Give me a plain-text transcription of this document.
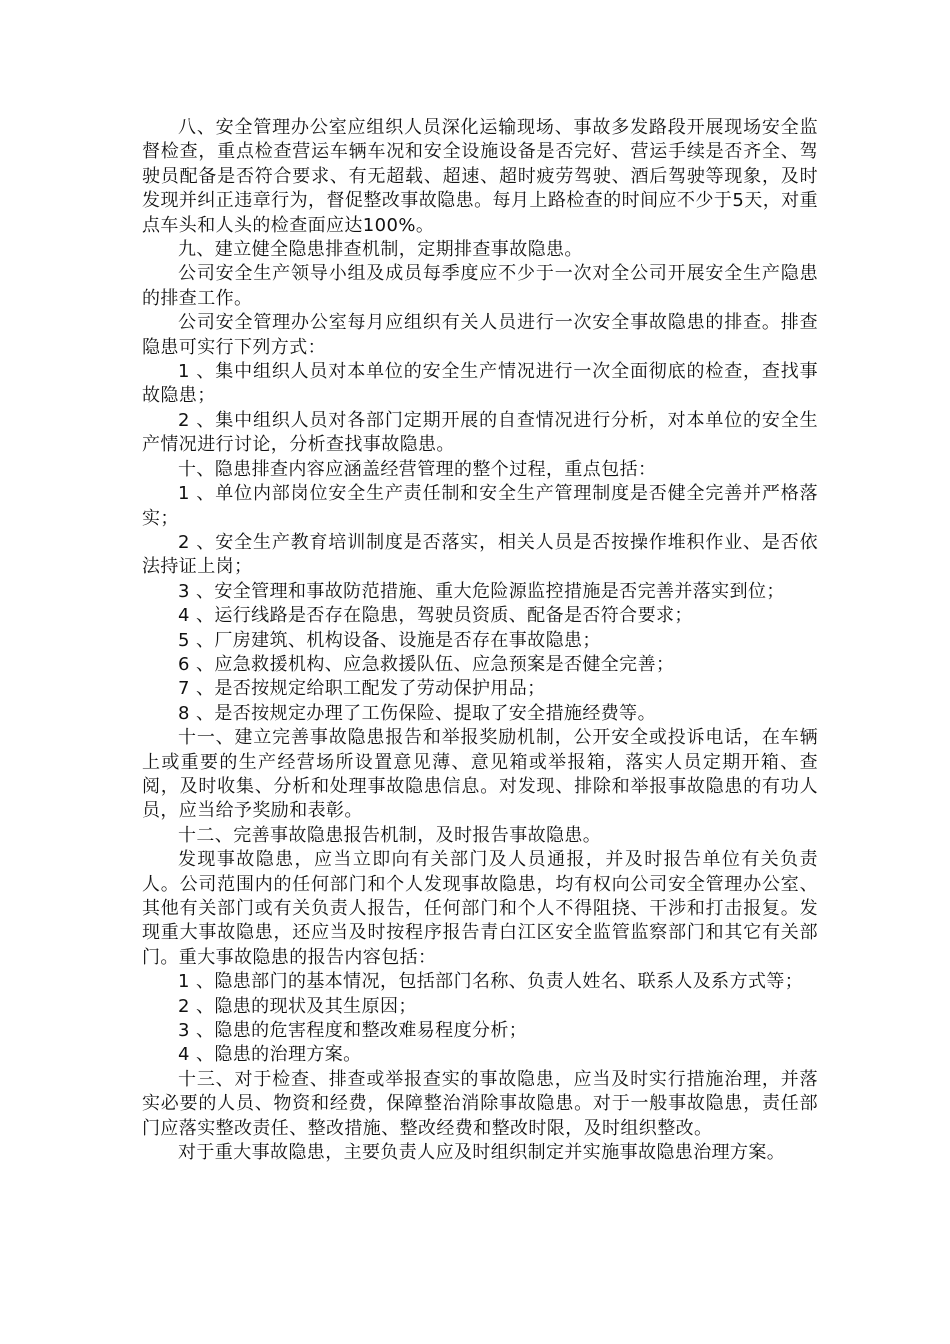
八、安全管理办公室应组织人员深化运输现场、事故多发路段开展现场安全监督检查，重点检查营运车辆车况和安全设施设备是否完好、营运手续是否齐全、驾驶员配备是否符合要求、有无超载、超速、超时疲劳驾驶、酒后驾驶等现象，及时发现并纠正违章行为，督促整改事故隐患。每月上路检查的时间应不少于5天，对重点车头和人头的检查面应达100%。

九、建立健全隐患排查机制，定期排查事故隐患。

公司安全生产领导小组及成员每季度应不少于一次对全公司开展安全生产隐患的排查工作。

公司安全管理办公室每月应组织有关人员进行一次安全事故隐患的排查。排查隐患可实行下列方式：

1 、集中组织人员对本单位的安全生产情况进行一次全面彻底的检查，查找事故隐患；

2 、集中组织人员对各部门定期开展的自查情况进行分析，对本单位的安全生产情况进行讨论，分析查找事故隐患。

十、隐患排查内容应涵盖经营管理的整个过程，重点包括：

1 、单位内部岗位安全生产责任制和安全生产管理制度是否健全完善并严格落实；

2 、安全生产教育培训制度是否落实，相关人员是否按操作堆积作业、是否依法持证上岗；

3 、安全管理和事故防范措施、重大危险源监控措施是否完善并落实到位；

4 、运行线路是否存在隐患，驾驶员资质、配备是否符合要求；

5 、厂房建筑、机构设备、设施是否存在事故隐患；

6 、应急救援机构、应急救援队伍、应急预案是否健全完善；

7 、是否按规定给职工配发了劳动保护用品；

8 、是否按规定办理了工伤保险、提取了安全措施经费等。

十一、建立完善事故隐患报告和举报奖励机制，公开安全或投诉电话，在车辆上或重要的生产经营场所设置意见薄、意见箱或举报箱，落实人员定期开箱、查阅，及时收集、分析和处理事故隐患信息。对发现、排除和举报事故隐患的有功人员，应当给予奖励和表彰。

十二、完善事故隐患报告机制，及时报告事故隐患。

发现事故隐患，应当立即向有关部门及人员通报，并及时报告单位有关负责人。公司范围内的任何部门和个人发现事故隐患，均有权向公司安全管理办公室、其他有关部门或有关负责人报告，任何部门和个人不得阻挠、干涉和打击报复。发现重大事故隐患，还应当及时按程序报告青白江区安全监管监察部门和其它有关部门。重大事故隐患的报告内容包括：

1 、隐患部门的基本情况，包括部门名称、负责人姓名、联系人及系方式等；

2 、隐患的现状及其生原因；

3 、隐患的危害程度和整改难易程度分析；

4 、隐患的治理方案。

十三、对于检查、排查或举报查实的事故隐患，应当及时实行措施治理，并落实必要的人员、物资和经费，保障整治消除事故隐患。对于一般事故隐患，责任部门应落实整改责任、整改措施、整改经费和整改时限，及时组织整改。

对于重大事故隐患，主要负责人应及时组织制定并实施事故隐患治理方案。
